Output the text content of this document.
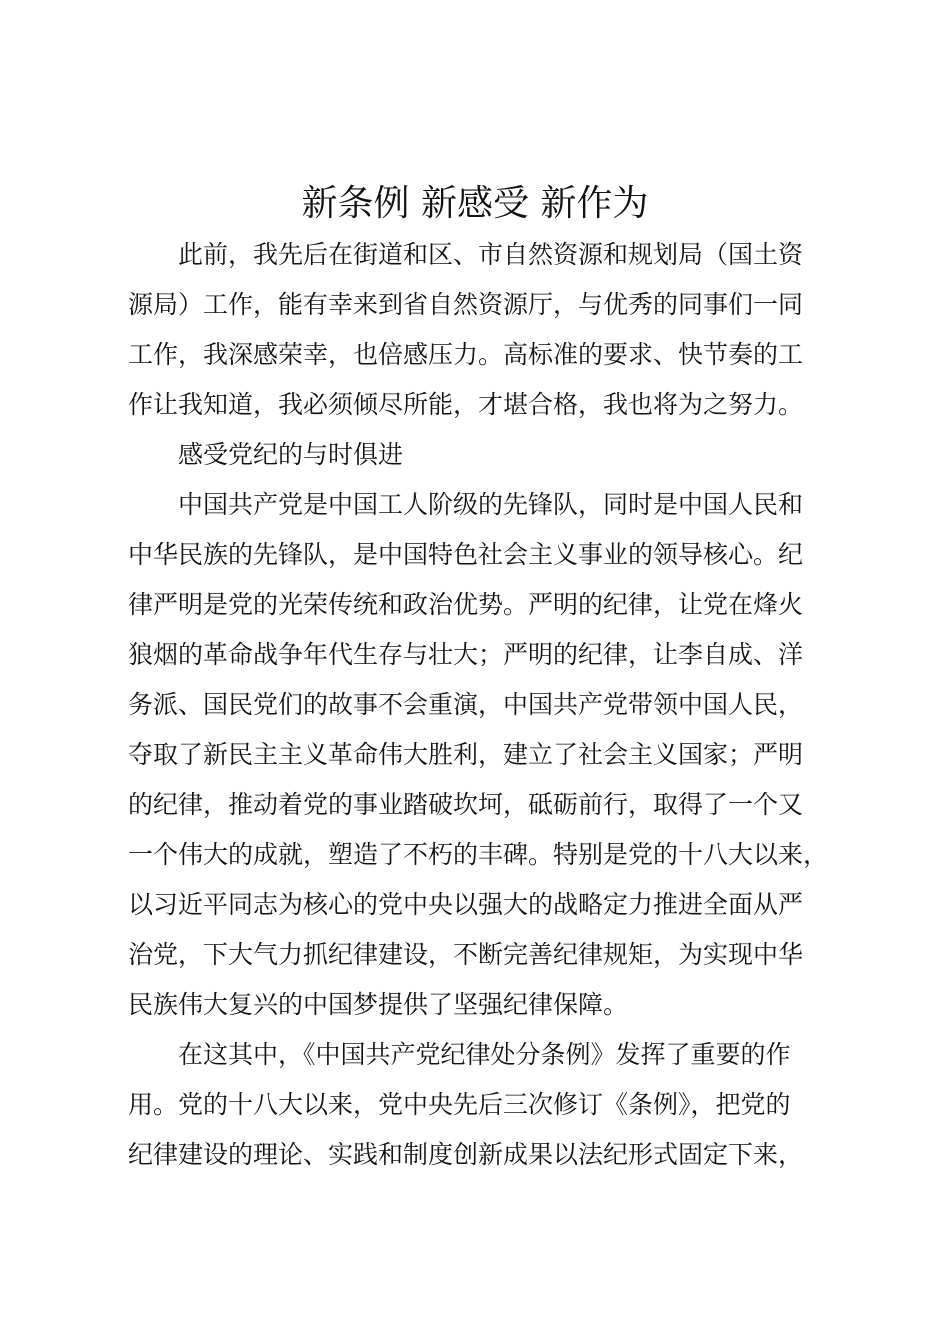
新条例 新感受 新作为
此前，我先后在街道和区、市自然资源和规划局（国土资
源局）工作，能有幸来到省自然资源厅，与优秀的同事们一同
工作，我深感荣幸，也倍感压力。高标准的要求、快节奏的工
作让我知道，我必须倾尽所能，才堪合格，我也将为之努力。
感受党纪的与时俱进
中国共产党是中国工人阶级的先锋队，同时是中国人民和
中华民族的先锋队，是中国特色社会主义事业的领导核心。纪
律严明是党的光荣传统和政治优势。严明的纪律，让党在烽火
狼烟的革命战争年代生存与壮大；严明的纪律，让李自成、洋
务派、国民党们的故事不会重演，中国共产党带领中国人民，
夺取了新民主主义革命伟大胜利，建立了社会主义国家；严明
的纪律，推动着党的事业踏破坎坷，砥砺前行，取得了一个又
一个伟大的成就，塑造了不朽的丰碑。特别是党的十八大以来，
以习近平同志为核心的党中央以强大的战略定力推进全面从严
治党，下大气力抓纪律建设，不断完善纪律规矩，为实现中华
民族伟大复兴的中国梦提供了坚强纪律保障。
在这其中，《中国共产党纪律处分条例》发挥了重要的作
用。党的十八大以来，党中央先后三次修订《条例》，把党的
纪律建设的理论、实践和制度创新成果以法纪形式固定下来，
